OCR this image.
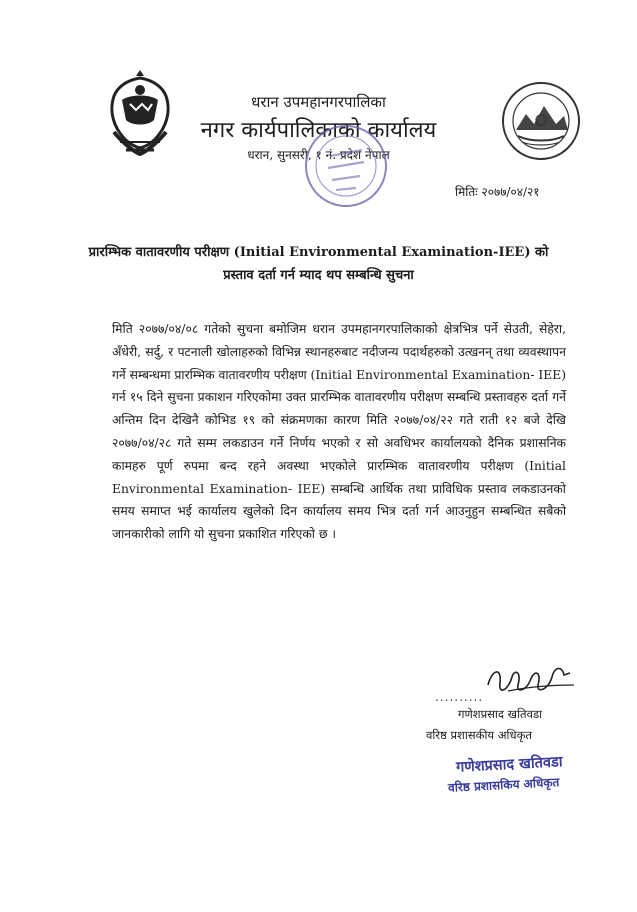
धरान उपमहानगरपालिका
नगर कार्यपालिकाको कार्यालय
धरान, सुनसरी, १ नं. प्रदेश नेपाल
मितिः २०७७/०४/२१
प्रारम्भिक वातावरणीय परीक्षण (Initial Environmental Examination-IEE) को
प्रस्ताव दर्ता गर्न म्याद थप सम्बन्धि सुचना
मिति २०७७/०४/०८ गतेको सुचना बमोजिम धरान उपमहानगरपालिकाको क्षेत्रभित्र पर्ने सेउती, सेहेरा, अँधेरी, सर्दु, र पटनाली खोलाहरुको विभिन्न स्थानहरुबाट नदीजन्य पदार्थहरुको उत्खनन् तथा व्यवस्थापन गर्ने सम्बन्धमा प्रारम्भिक वातावरणीय परीक्षण (Initial Environmental Examination- IEE) गर्न १५ दिने सुचना प्रकाशन गरिएकोमा उक्त प्रारम्भिक वातावरणीय परीक्षण सम्बन्धि प्रस्तावहरु दर्ता गर्ने अन्तिम दिन देखिनै कोभिड १९ को संक्रमणका कारण मिति २०७७/०४/२२ गते राती १२ बजे देखि २०७७/०४/२८ गते सम्म लकडाउन गर्ने निर्णय भएको र सो अवधिभर कार्यालयको दैनिक प्रशासनिक कामहरु पूर्ण रुपमा बन्द रहने अवस्था भएकोले प्रारम्भिक वातावरणीय परीक्षण (Initial Environmental Examination- IEE) सम्बन्धि आर्थिक तथा प्राविधिक प्रस्ताव लकडाउनको समय समाप्त भई कार्यालय खुलेको दिन कार्यालय समय भित्र दर्ता गर्न आउनुहुन सम्बन्धित सबैको जानकारीको लागि यो सुचना प्रकाशित गरिएको छ ।
..........
गणेशप्रसाद खतिवडा
वरिष्ठ प्रशासकीय अधिकृत
गणेशप्रसाद खतिवडा
वरिष्ठ प्रशासकिय अधिकृत
